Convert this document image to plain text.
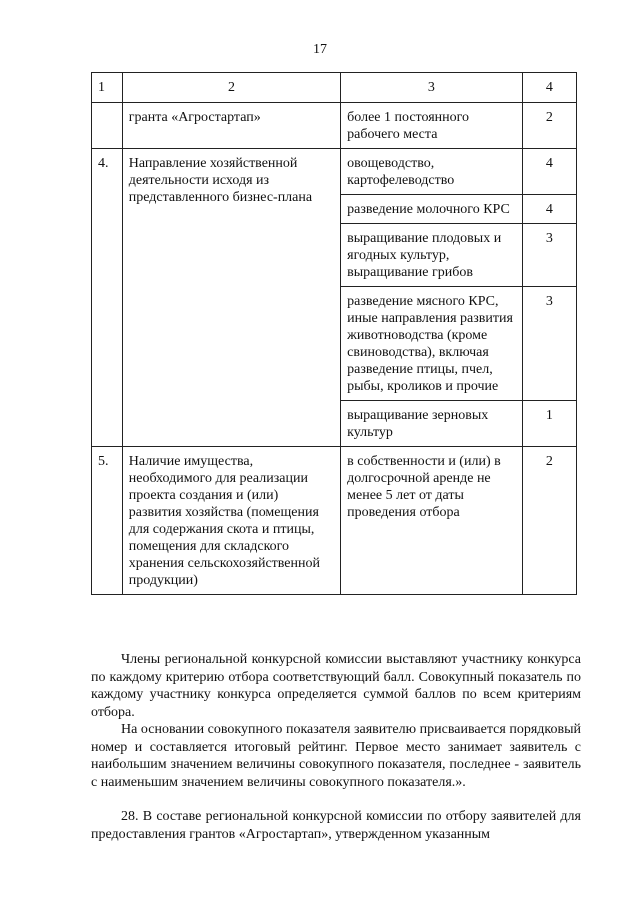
17
1	2	3	4
	гранта «Агростартап»	более 1 постоянного рабочего места	2
4.	Направление хозяйственной деятельности исходя из представленного бизнес-плана	овощеводство, картофелеводство	4
		разведение молочного КРС	4
		выращивание плодовых и ягодных культур, выращивание грибов	3
		разведение мясного КРС, иные направления развития животноводства (кроме свиноводства), включая разведение птицы, пчел, рыбы, кроликов и прочие	3
		выращивание зерновых культур	1
5.	Наличие имущества, необходимого для реализации проекта создания и (или) развития хозяйства (помещения для содержания скота и птицы, помещения для складского хранения сельскохозяйственной продукции)	в собственности и (или) в долгосрочной аренде не менее 5 лет от даты проведения отбора	2

Члены региональной конкурсной комиссии выставляют участнику конкурса по каждому критерию отбора соответствующий балл. Совокупный показатель по каждому участнику конкурса определяется суммой баллов по всем критериям отбора.

На основании совокупного показателя заявителю присваивается порядковый номер и составляется итоговый рейтинг. Первое место занимает заявитель с наибольшим значением величины совокупного показателя, последнее - заявитель с наименьшим значением величины совокупного показателя.».

28. В составе региональной конкурсной комиссии по отбору заявителей для предоставления грантов «Агростартап», утвержденном указанным
